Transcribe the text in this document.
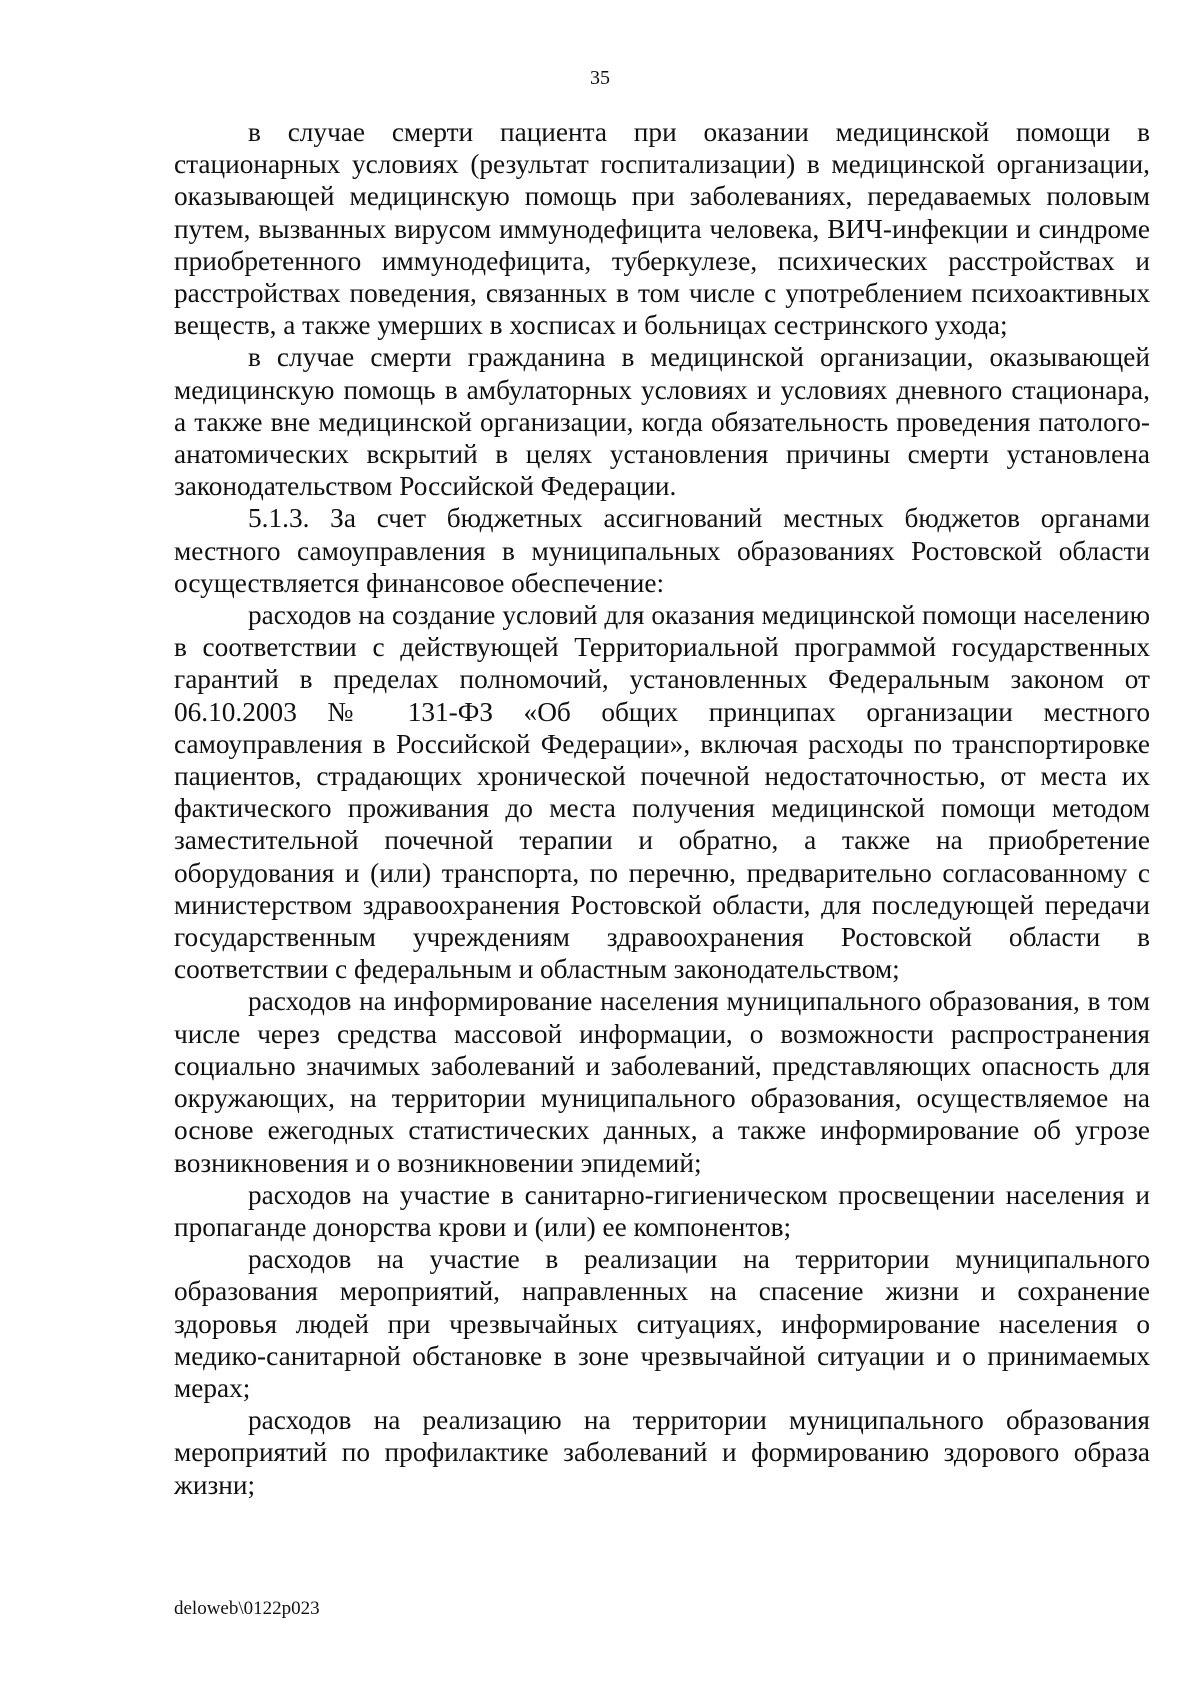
35

в случае смерти пациента при оказании медицинской помощи в стационарных условиях (результат госпитализации) в медицинской организации, оказывающей медицинскую помощь при заболеваниях, передаваемых половым путем, вызванных вирусом иммунодефицита человека, ВИЧ-инфекции и синдроме приобретенного иммунодефицита, туберкулезе, психических расстройствах и расстройствах поведения, связанных в том числе с употреблением психоактивных веществ, а также умерших в хосписах и больницах сестринского ухода;

в случае смерти гражданина в медицинской организации, оказывающей медицинскую помощь в амбулаторных условиях и условиях дневного стационара, а также вне медицинской организации, когда обязательность проведения патолого-анатомических вскрытий в целях установления причины смерти установлена законодательством Российской Федерации.

5.1.3. За счет бюджетных ассигнований местных бюджетов органами местного самоуправления в муниципальных образованиях Ростовской области осуществляется финансовое обеспечение:

расходов на создание условий для оказания медицинской помощи населению в соответствии с действующей Территориальной программой государственных гарантий в пределах полномочий, установленных Федеральным законом от 06.10.2003 № 131-ФЗ «Об общих принципах организации местного самоуправления в Российской Федерации», включая расходы по транспортировке пациентов, страдающих хронической почечной недостаточностью, от места их фактического проживания до места получения медицинской помощи методом заместительной почечной терапии и обратно, а также на приобретение оборудования и (или) транспорта, по перечню, предварительно согласованному с министерством здравоохранения Ростовской области, для последующей передачи государственным учреждениям здравоохранения Ростовской области в соответствии с федеральным и областным законодательством;

расходов на информирование населения муниципального образования, в том числе через средства массовой информации, о возможности распространения социально значимых заболеваний и заболеваний, представляющих опасность для окружающих, на территории муниципального образования, осуществляемое на основе ежегодных статистических данных, а также информирование об угрозе возникновения и о возникновении эпидемий;

расходов на участие в санитарно-гигиеническом просвещении населения и пропаганде донорства крови и (или) ее компонентов;

расходов на участие в реализации на территории муниципального образования мероприятий, направленных на спасение жизни и сохранение здоровья людей при чрезвычайных ситуациях, информирование населения о медико-санитарной обстановке в зоне чрезвычайной ситуации и о принимаемых мерах;

расходов на реализацию на территории муниципального образования мероприятий по профилактике заболеваний и формированию здорового образа жизни;

deloweb\0122p023
